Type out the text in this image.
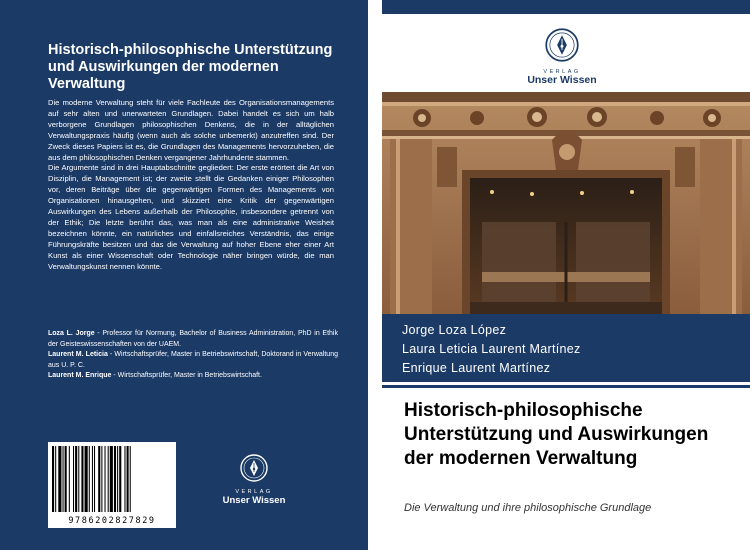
Historisch-philosophische Unterstützung und Auswirkungen der modernen Verwaltung

Die moderne Verwaltung steht für viele Fachleute des Organisationsmanagements auf sehr alten und unerwarteten Grundlagen. Dabei handelt es sich um halb verborgene Grundlagen philosophischen Denkens, die in der alltäglichen Verwaltungspraxis häufig (wenn auch als solche unbemerkt) anzutreffen sind. Der Zweck dieses Papiers ist es, die Grundlagen des Managements hervorzuheben, die aus dem philosophischen Denken vergangener Jahrhunderte stammen.

Die Argumente sind in drei Hauptabschnitte gegliedert: Der erste erörtert die Art von Disziplin, die Management ist; der zweite stellt die Gedanken einiger Philosophen vor, deren Beiträge über die gegenwärtigen Formen des Managements von Organisationen hinausgehen, und skizziert eine Kritik der gegenwärtigen Auswirkungen des Lebens außerhalb der Philosophie, insbesondere getrennt von der Ethik; Die letzte berührt das, was man als eine administrative Weisheit bezeichnen könnte, ein natürliches und einfallsreiches Verständnis, das einige Führungskräfte besitzen und das die Verwaltung auf hoher Ebene eher einer Art Kunst als einer Wissenschaft oder Technologie näher bringen würde, die man Verwaltungskunst nennen könnte.

Loza L. Jorge - Professor für Normung, Bachelor of Business Administration, PhD in Ethik der Geisteswissenschaften von der UAEM.

Laurent M. Leticia - Wirtschaftsprüfer, Master in Betriebswirtschaft, Doktorand in Verwaltung aus U. P. C.

Laurent M. Enrique - Wirtschaftsprüfer, Master in Betriebswirtschaft.

9786202827829
VERLAG
Unser Wissen
VERLAG
Unser Wissen
Jorge Loza López
Laura Leticia Laurent Martínez
Enrique Laurent Martínez
Historisch-philosophische Unterstützung und Auswirkungen der modernen Verwaltung
Die Verwaltung und ihre philosophische Grundlage
